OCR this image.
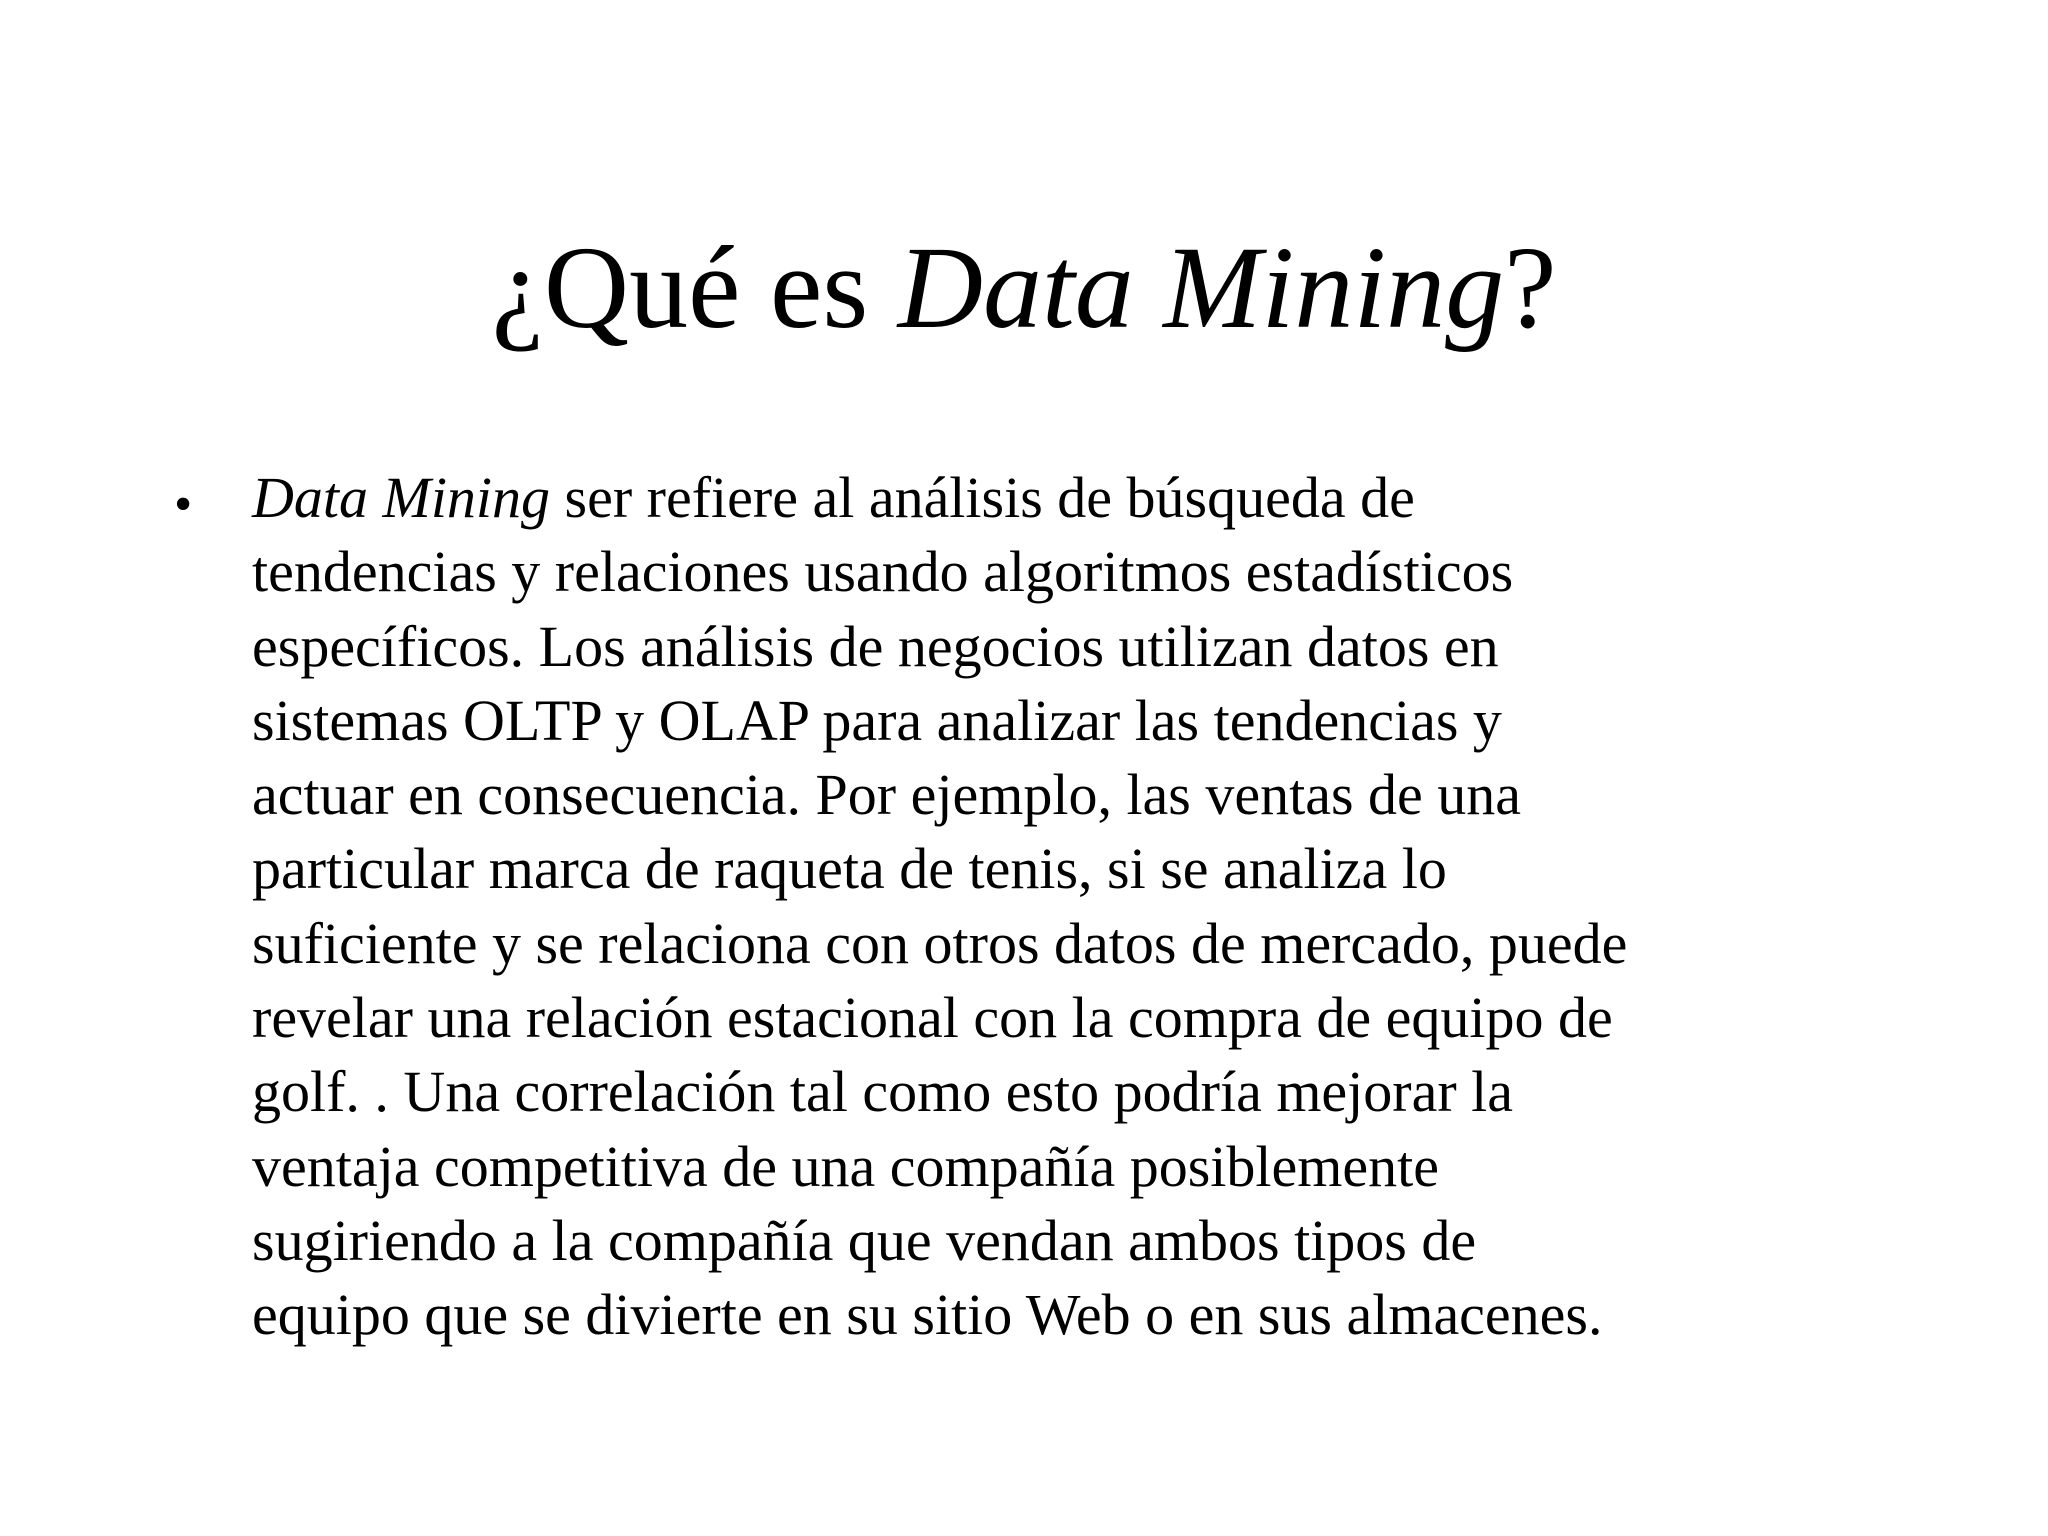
¿Qué es Data Mining?
• Data Mining ser refiere al análisis de búsqueda de
tendencias y relaciones usando algoritmos estadísticos
específicos. Los análisis de negocios utilizan datos en
sistemas OLTP y OLAP para analizar las tendencias y
actuar en consecuencia. Por ejemplo, las ventas de una
particular marca de raqueta de tenis, si se analiza lo
suficiente y se relaciona con otros datos de mercado, puede
revelar una relación estacional con la compra de equipo de
golf. . Una correlación tal como esto podría mejorar la
ventaja competitiva de una compañía posiblemente
sugiriendo a la compañía que vendan ambos tipos de
equipo que se divierte en su sitio Web o en sus almacenes.
